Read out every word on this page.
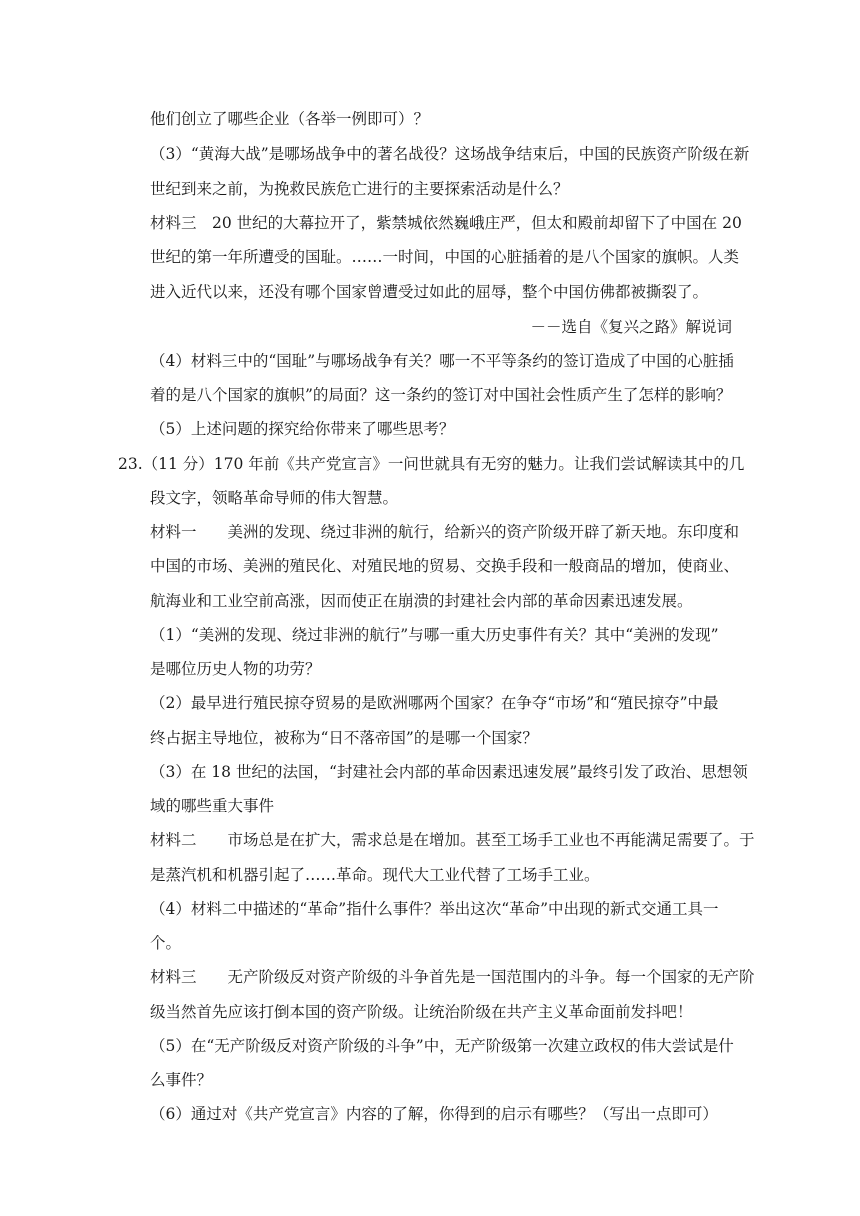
他们创立了哪些企业（各举一例即可）？
（3）“黄海大战”是哪场战争中的著名战役？这场战争结束后，中国的民族资产阶级在新
世纪到来之前，为挽救民族危亡进行的主要探索活动是什么？
材料三　20 世纪的大幕拉开了，紫禁城依然巍峨庄严，但太和殿前却留下了中国在 20
世纪的第一年所遭受的国耻。……一时间，中国的心脏插着的是八个国家的旗帜。人类
进入近代以来，还没有哪个国家曾遭受过如此的屈辱，整个中国仿佛都被撕裂了。
－－选自《复兴之路》解说词
（4）材料三中的“国耻”与哪场战争有关？哪一不平等条约的签订造成了中国的心脏插
着的是八个国家的旗帜”的局面？这一条约的签订对中国社会性质产生了怎样的影响？
（5）上述问题的探究给你带来了哪些思考？
23.（11 分）170 年前《共产党宣言》一问世就具有无穷的魅力。让我们尝试解读其中的几
段文字，领略革命导师的伟大智慧。
材料一　　美洲的发现、绕过非洲的航行，给新兴的资产阶级开辟了新天地。东印度和
中国的市场、美洲的殖民化、对殖民地的贸易、交换手段和一般商品的增加，使商业、
航海业和工业空前高涨，因而使正在崩溃的封建社会内部的革命因素迅速发展。
（1）“美洲的发现、绕过非洲的航行”与哪一重大历史事件有关？其中“美洲的发现”
是哪位历史人物的功劳？
（2）最早进行殖民掠夺贸易的是欧洲哪两个国家？在争夺“市场”和“殖民掠夺”中最
终占据主导地位，被称为“日不落帝国”的是哪一个国家？
（3）在 18 世纪的法国，“封建社会内部的革命因素迅速发展”最终引发了政治、思想领
域的哪些重大事件
材料二　　市场总是在扩大，需求总是在增加。甚至工场手工业也不再能满足需要了。于
是蒸汽机和机器引起了……革命。现代大工业代替了工场手工业。
（4）材料二中描述的“革命”指什么事件？举出这次“革命”中出现的新式交通工具一
个。
材料三　　无产阶级反对资产阶级的斗争首先是一国范围内的斗争。每一个国家的无产阶
级当然首先应该打倒本国的资产阶级。让统治阶级在共产主义革命面前发抖吧！
（5）在“无产阶级反对资产阶级的斗争”中，无产阶级第一次建立政权的伟大尝试是什
么事件？
（6）通过对《共产党宣言》内容的了解，你得到的启示有哪些？（写出一点即可）
